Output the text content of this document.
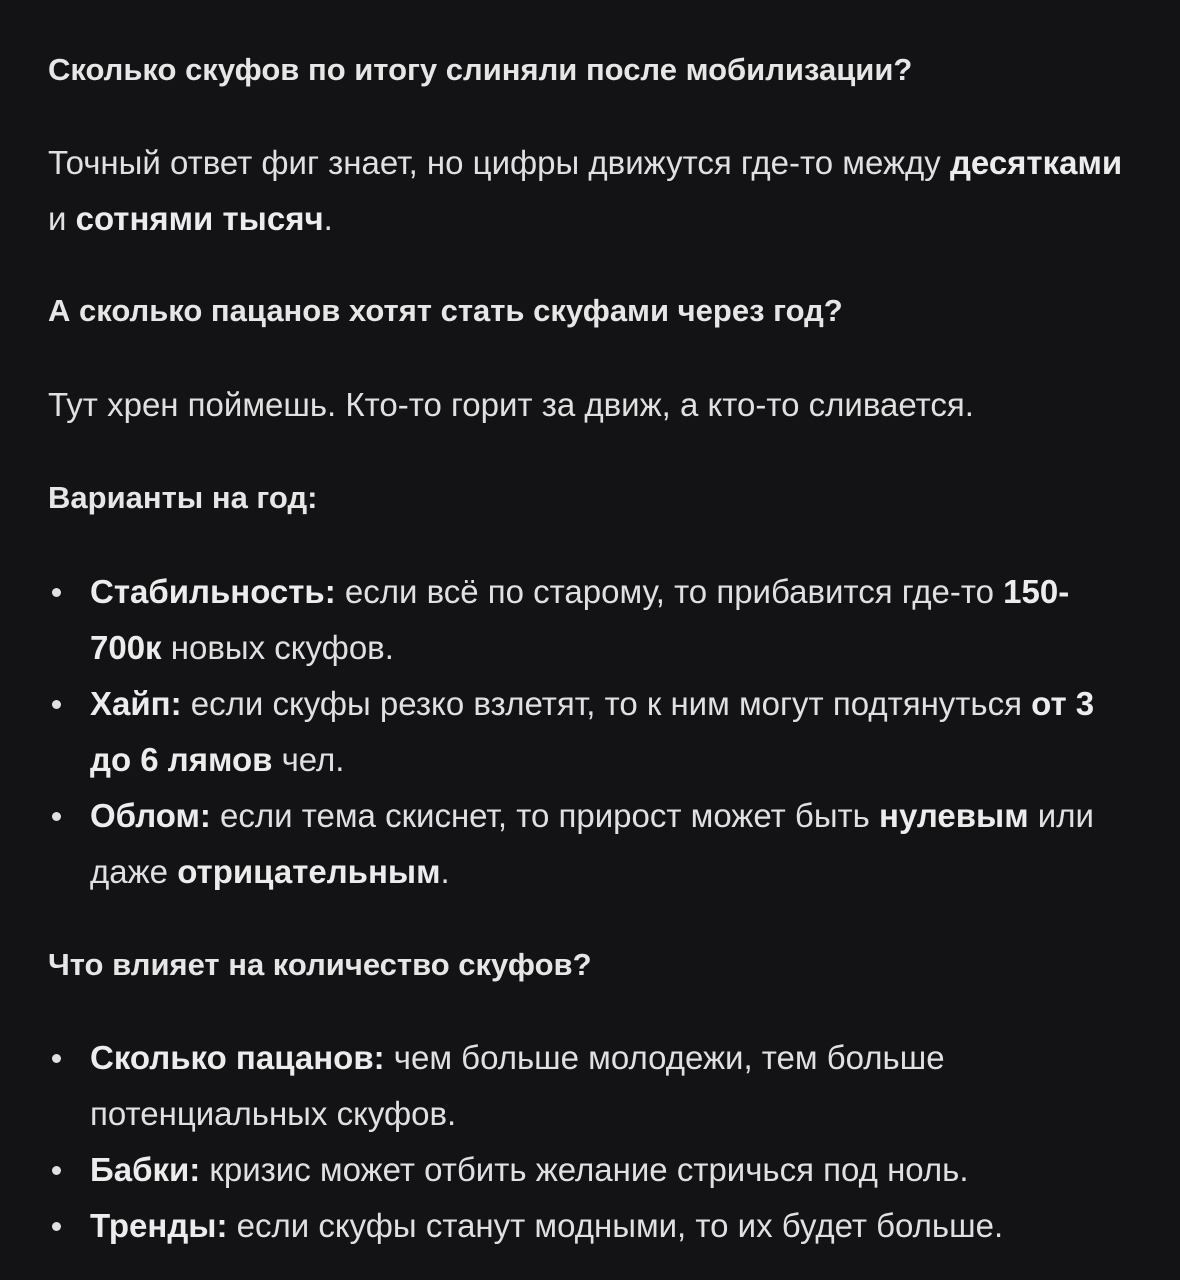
Сколько скуфов по итогу слиняли после мобилизации?

Точный ответ фиг знает, но цифры движутся где-то между десятками и сотнями тысяч.

А сколько пацанов хотят стать скуфами через год?

Тут хрен поймешь. Кто-то горит за движ, а кто-то сливается.

Варианты на год:

Стабильность: если всё по старому, то прибавится где-то 150-700к новых скуфов.
Хайп: если скуфы резко взлетят, то к ним могут подтянуться от 3 до 6 лямов чел.
Облом: если тема скиснет, то прирост может быть нулевым или даже отрицательным.

Что влияет на количество скуфов?

Сколько пацанов: чем больше молодежи, тем больше потенциальных скуфов.
Бабки: кризис может отбить желание стричься под ноль.
Тренды: если скуфы станут модными, то их будет больше.
